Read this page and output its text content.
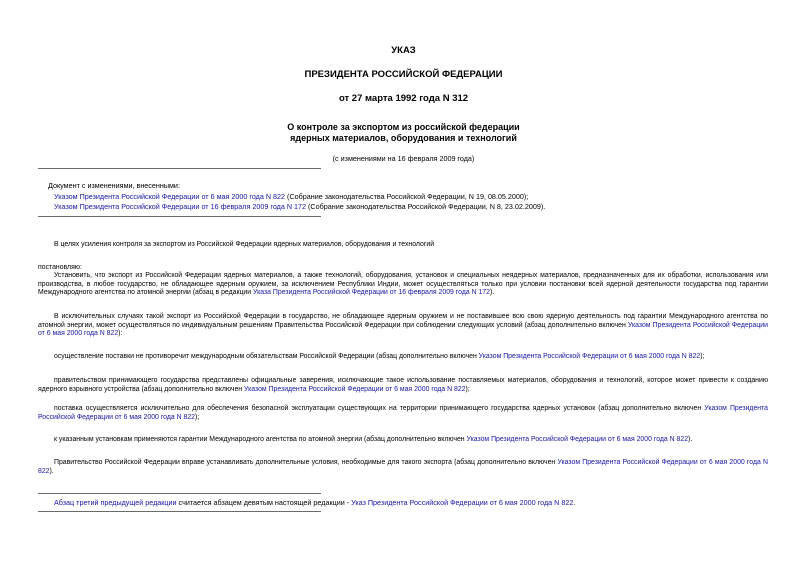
УКАЗ
ПРЕЗИДЕНТА РОССИЙСКОЙ ФЕДЕРАЦИИ
от 27 марта 1992 года N 312
О контроле за экспортом из российской федерации
ядерных материалов, оборудования и технологий
(с изменениями на 16 февраля 2009 года)
Документ с изменениями, внесенными:
Указом Президента Российской Федерации от 6 мая 2000 года N 822 (Собрание законодательства Российской Федерации, N 19, 08.05.2000);
Указом Президента Российской Федерации от 16 февраля 2009 года N 172 (Собрание законодательства Российской Федерации, N 8, 23.02.2009).
В целях усиления контроля за экспортом из Российской Федерации ядерных материалов, оборудования и технологий
постановляю:
Установить, что экспорт из Российской Федерации ядерных материалов, а также технологий, оборудования, установок и специальных неядерных материалов, предназначенных для их обработки, использования или производства, в любое государство, не обладающее ядерным оружием, за исключением Республики Индии, может осуществляться только при условии постановки всей ядерной деятельности государства под гарантии Международного агентства по атомной энергии (абзац в редакции Указа Президента Российской Федерации от 16 февраля 2009 года N 172).
В исключительных случаях такой экспорт из Российской Федерации в государство, не обладающее ядерным оружием и не поставившее всю свою ядерную деятельность под гарантии Международного агентства по атомной энергии, может осуществляться по индивидуальным решениям Правительства Российской Федерации при соблюдении следующих условий (абзац дополнительно включен Указом Президента Российской Федерации от 6 мая 2000 года N 822):
осуществление поставки не противоречит международным обязательствам Российской Федерации (абзац дополнительно включен Указом Президента Российской Федерации от 6 мая 2000 года N 822);
правительством принимающего государства представлены официальные заверения, исключающие такое использование поставляемых материалов, оборудования и технологий, которое может привести к созданию ядерного взрывного устройства (абзац дополнительно включен Указом Президента Российской Федерации от 6 мая 2000 года N 822);
поставка осуществляется исключительно для обеспечения безопасной эксплуатации существующих на территории принимающего государства ядерных установок (абзац дополнительно включен Указом Президента Российской Федерации от 6 мая 2000 года N 822);
к указанным установкам применяются гарантии Международного агентства по атомной энергии (абзац дополнительно включен Указом Президента Российской Федерации от 6 мая 2000 года N 822).
Правительство Российской Федерации вправе устанавливать дополнительные условия, необходимые для такого экспорта (абзац дополнительно включен Указом Президента Российской Федерации от 6 мая 2000 года N 822).
Абзац третий предыдущей редакции считается абзацем девятым настоящей редакции - Указ Президента Российской Федерации от 6 мая 2000 года N 822.
